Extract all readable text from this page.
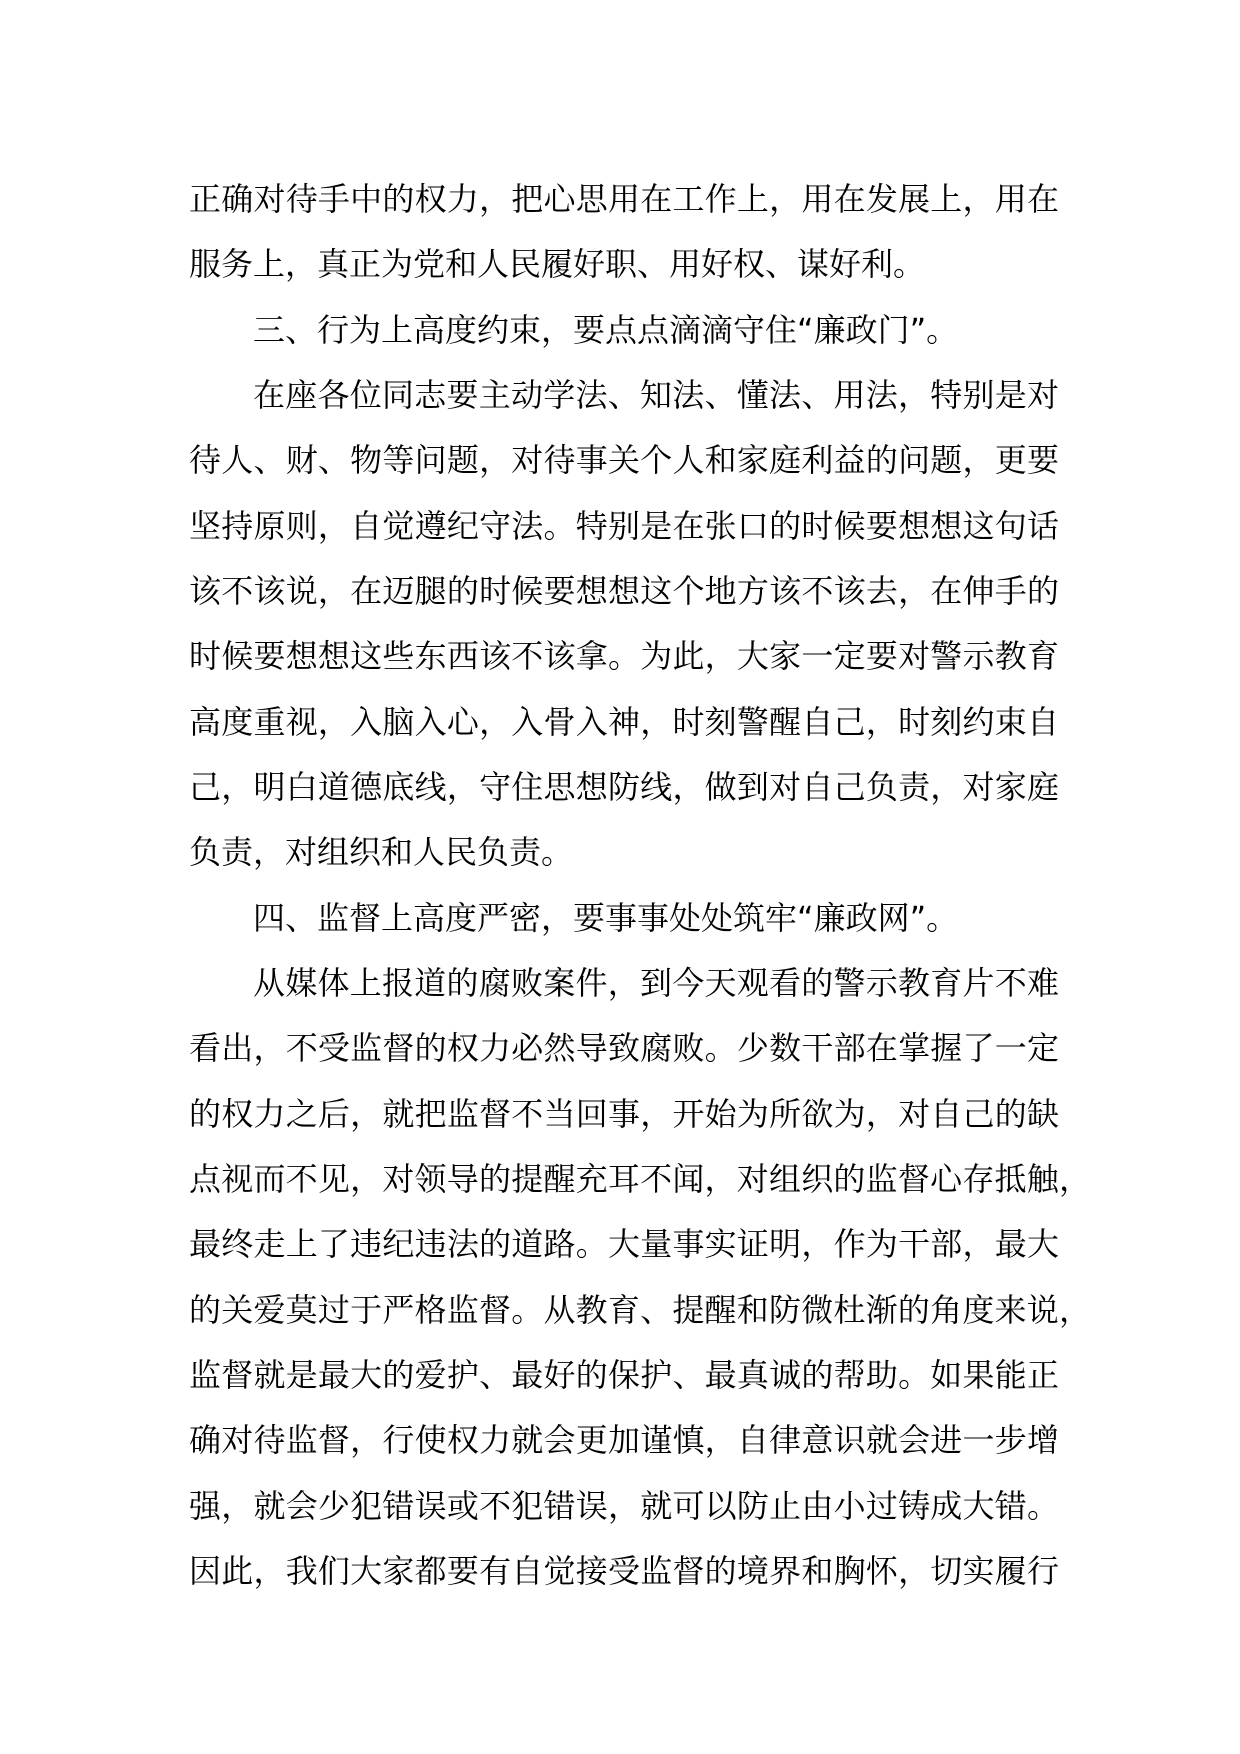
正确对待手中的权力，把心思用在工作上，用在发展上，用在
服务上，真正为党和人民履好职、用好权、谋好利。
三、行为上高度约束，要点点滴滴守住“廉政门”。
在座各位同志要主动学法、知法、懂法、用法，特别是对
待人、财、物等问题，对待事关个人和家庭利益的问题，更要
坚持原则，自觉遵纪守法。特别是在张口的时候要想想这句话
该不该说，在迈腿的时候要想想这个地方该不该去，在伸手的
时候要想想这些东西该不该拿。为此，大家一定要对警示教育
高度重视，入脑入心，入骨入神，时刻警醒自己，时刻约束自
己，明白道德底线，守住思想防线，做到对自己负责，对家庭
负责，对组织和人民负责。
四、监督上高度严密，要事事处处筑牢“廉政网”。
从媒体上报道的腐败案件，到今天观看的警示教育片不难
看出，不受监督的权力必然导致腐败。少数干部在掌握了一定
的权力之后，就把监督不当回事，开始为所欲为，对自己的缺
点视而不见，对领导的提醒充耳不闻，对组织的监督心存抵触，
最终走上了违纪违法的道路。大量事实证明，作为干部，最大
的关爱莫过于严格监督。从教育、提醒和防微杜渐的角度来说，
监督就是最大的爱护、最好的保护、最真诚的帮助。如果能正
确对待监督，行使权力就会更加谨慎，自律意识就会进一步增
强，就会少犯错误或不犯错误，就可以防止由小过铸成大错。
因此，我们大家都要有自觉接受监督的境界和胸怀，切实履行
